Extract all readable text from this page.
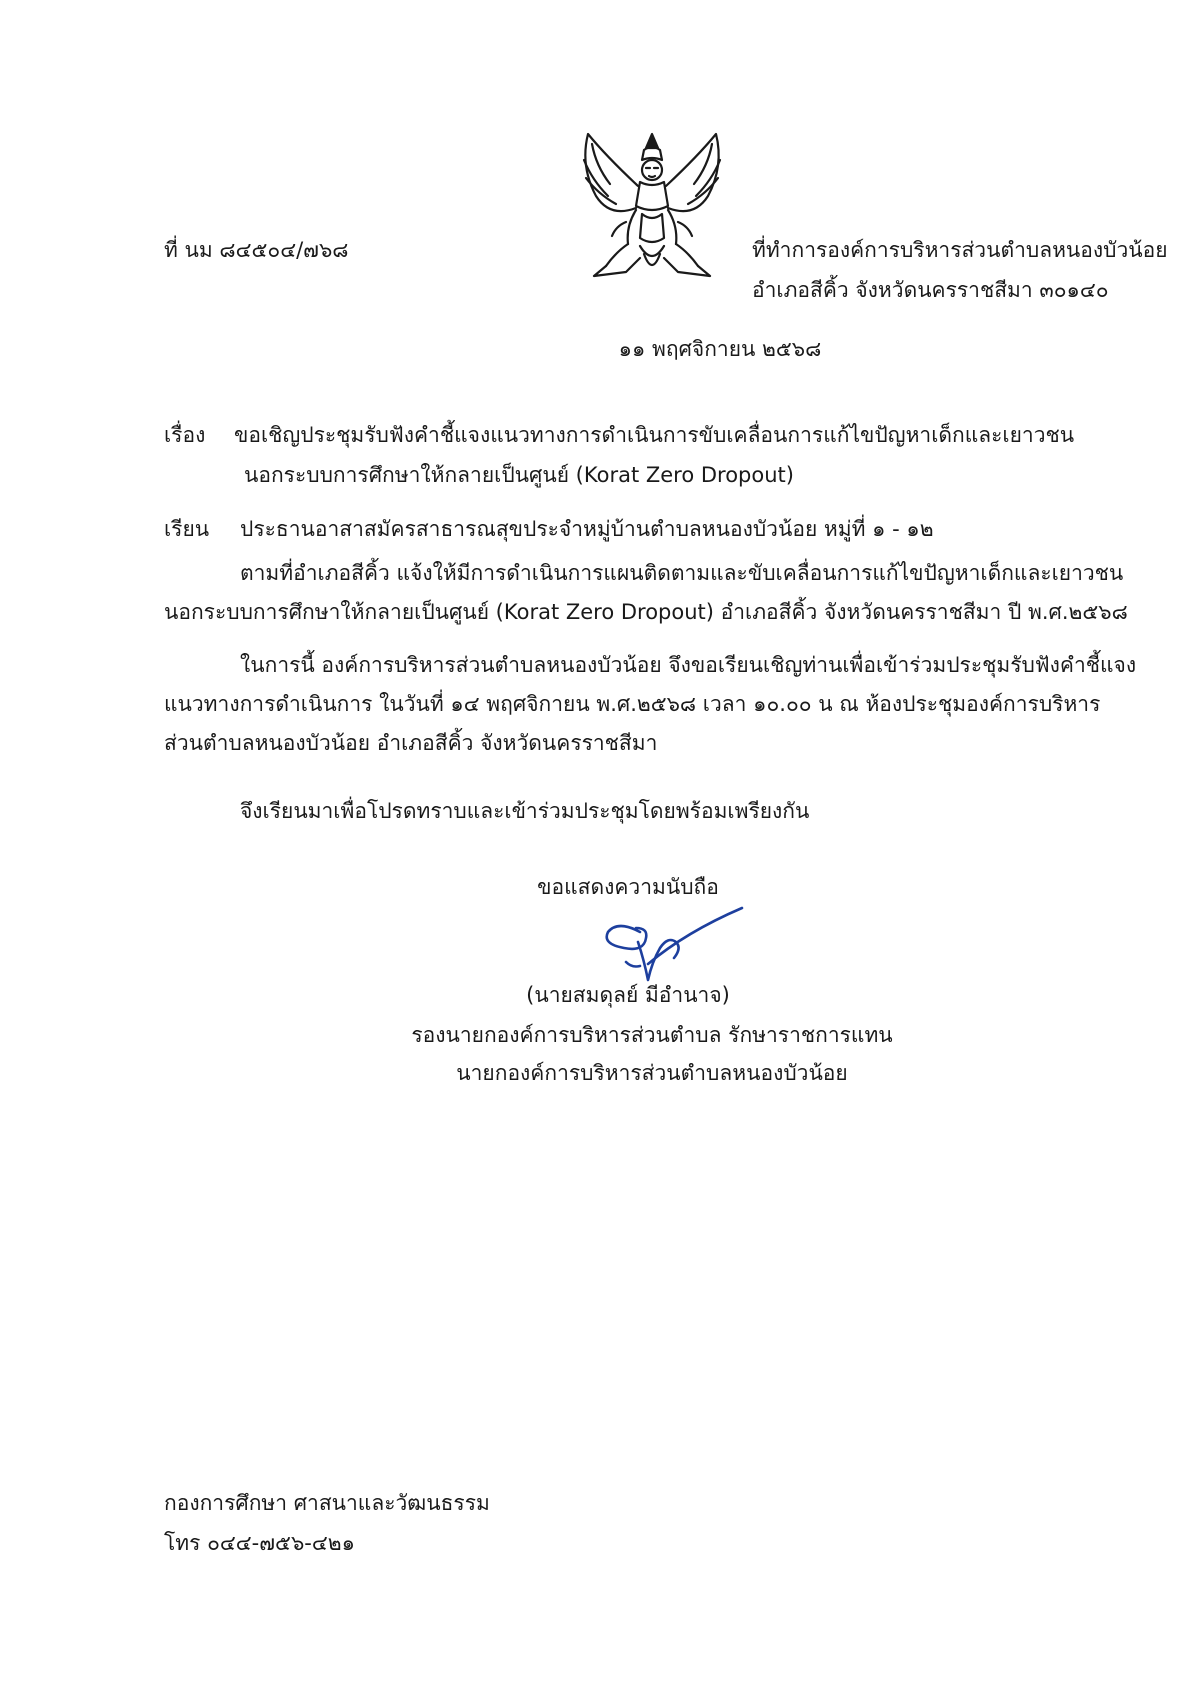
ที่ นม ๘๔๕๐๔/๗๖๘	ที่ทำการองค์การบริหารส่วนตำบลหนองบัวน้อย
อำเภอสีคิ้ว จังหวัดนครราชสีมา ๓๐๑๔๐
๑๑ พฤศจิกายน ๒๕๖๘
เรื่อง ขอเชิญประชุมรับฟังคำชี้แจงแนวทางการดำเนินการขับเคลื่อนการแก้ไขปัญหาเด็กและเยาวชน
นอกระบบการศึกษาให้กลายเป็นศูนย์ (Korat Zero Dropout)
เรียน ประธานอาสาสมัครสาธารณสุขประจำหมู่บ้านตำบลหนองบัวน้อย หมู่ที่ ๑ - ๑๒
ตามที่อำเภอสีคิ้ว แจ้งให้มีการดำเนินการแผนติดตามและขับเคลื่อนการแก้ไขปัญหาเด็กและเยาวชน
นอกระบบการศึกษาให้กลายเป็นศูนย์ (Korat Zero Dropout) อำเภอสีคิ้ว จังหวัดนครราชสีมา ปี พ.ศ.๒๕๖๘
ในการนี้ องค์การบริหารส่วนตำบลหนองบัวน้อย จึงขอเรียนเชิญท่านเพื่อเข้าร่วมประชุมรับฟังคำชี้แจง
แนวทางการดำเนินการ ในวันที่ ๑๔ พฤศจิกายน พ.ศ.๒๕๖๘ เวลา ๑๐.๐๐ น ณ ห้องประชุมองค์การบริหาร
ส่วนตำบลหนองบัวน้อย อำเภอสีคิ้ว จังหวัดนครราชสีมา
จึงเรียนมาเพื่อโปรดทราบและเข้าร่วมประชุมโดยพร้อมเพรียงกัน
ขอแสดงความนับถือ
(นายสมดุลย์ มีอำนาจ)
รองนายกองค์การบริหารส่วนตำบล รักษาราชการแทน
นายกองค์การบริหารส่วนตำบลหนองบัวน้อย
กองการศึกษา ศาสนาและวัฒนธรรม
โทร ๐๔๔-๗๕๖-๔๒๑
